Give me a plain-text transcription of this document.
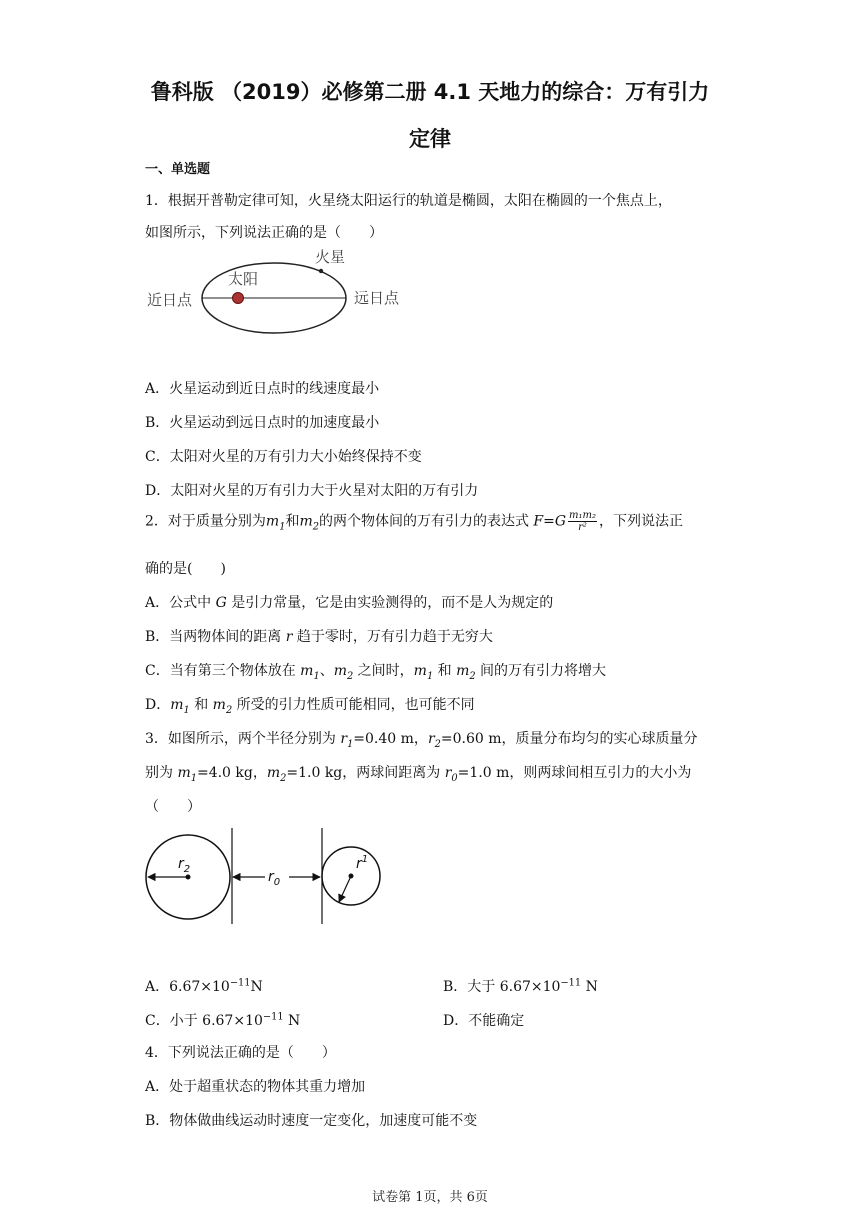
鲁科版 （2019）必修第二册 4.1 天地力的综合：万有引力
定律
一、单选题
1．根据开普勒定律可知，火星绕太阳运行的轨道是椭圆，太阳在椭圆的一个焦点上，
如图所示，下列说法正确的是（　　）
太阳
火星
近日点	远日点
A．火星运动到近日点时的线速度最小
B．火星运动到远日点时的加速度最小
C．太阳对火星的万有引力大小始终保持不变
D．太阳对火星的万有引力大于火星对太阳的万有引力
2．对于质量分别为$m_1$和$m_2$的两个物体间的万有引力的表达式 $F=G \frac{\text{m₁m₂}}{\text{r²}}$ ，下列说法正
确的是(　　)
A．公式中 G 是引力常量，它是由实验测得的，而不是人为规定的
B．当两物体间的距离 r 趋于零时，万有引力趋于无穷大
C．当有第三个物体放在 $m_1$、$m_2$ 之间时，$m_1$ 和 $m_2$ 间的万有引力将增大
D．$m_1$ 和 $m_2$ 所受的引力性质可能相同，也可能不同
3．如图所示，两个半径分别为 $r_1=0.40$ m，$r_2=0.60$ m，质量分布均匀的实心球质量分
别为 $m_1=4.0$ kg，$m_2=1.0$ kg，两球间距离为 $r_0=1.0$ m，则两球间相互引力的大小为
（　　）
$r_2$	$r_0$
$r^1$
A．$6.67\times 10^{-11}N$	B．大于 $6.67\times 10^{-11}$ N
C．小于 $6.67\times 10^{-11}$ N	D．不能确定
4．下列说法正确的是（　　）
A．处于超重状态的物体其重力增加
B．物体做曲线运动时速度一定变化，加速度可能不变
试卷第 1页，共 6页
